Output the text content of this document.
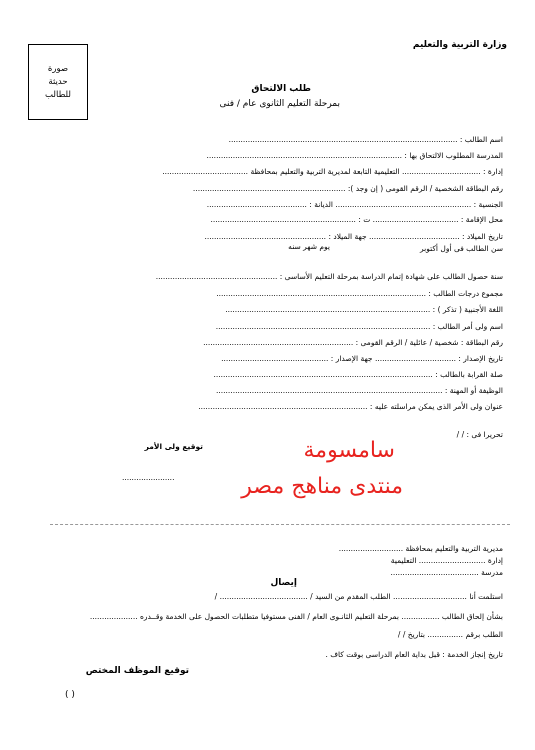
وزارة التربية والتعليم
صورة
حديثة
للطالب
طلب الالتحاق
بمرحلة التعليم الثانوى عام / فنى
اسم الطالب : ................................................................................................
المدرسة المطلوب الالتحاق بها : ..................................................................................
إدارة : ................................. التعليمية التابعة لمديرية التربية والتعليم بمحافظة ....................................
رقم البطاقة الشخصية / الرقم القومى ( إن وجد ): ................................................................
الجنسية : ......................................................... الديانة : ..........................................
محل الإقامة : .................................... ت : .............................................................
تاريخ الميلاد : ...................................... جهة الميلاد : ...................................................
يوم شهر سنه	سن الطالب فى أول أكتوبر
سنة حصول الطالب على شهادة إتمام الدراسة بمرحلة التعليم الأساسى : ...................................................
مجموع درجات الطالب : ........................................................................................
اللغة الأجنبية ( تذكر ) : ......................................................................................
اسم ولى أمر الطالب : ..........................................................................................
رقم البطاقة : شخصية / عائلية / الرقم القومى : ...............................................................
تاريخ الإصدار : .................................. جهة الإصدار : .............................................
صلة القرابة بالطالب : ............................................................................................
الوظيفة أو المهنة : ...............................................................................................
عنوان ولى الأمر الذى يمكن مراسلته عليه : .......................................................................
تحريرا فى : / /
توقيع ولى الأمر
......................
سامسومة
منتدى مناهج مصر
مديرية التربية والتعليم بمحافظة ...........................
إدارة ............................ التعليمية
مدرسة .....................................
إيصال
استلمت أنا ............................... الطلب المقدم من السيد / ..................................... /
بشأن إلحاق الطالب ................ بمرحلة التعليم الثانـوى العام / الفنى مستوفيا متطلبات الحصول على الخدمة وقــدره ....................
الطلب برقم ............... بتاريخ / /
تاريخ إنجاز الخدمة : قبل بداية العام الدراسى بوقت كاف .
توقيع الموظف المختص
( )
